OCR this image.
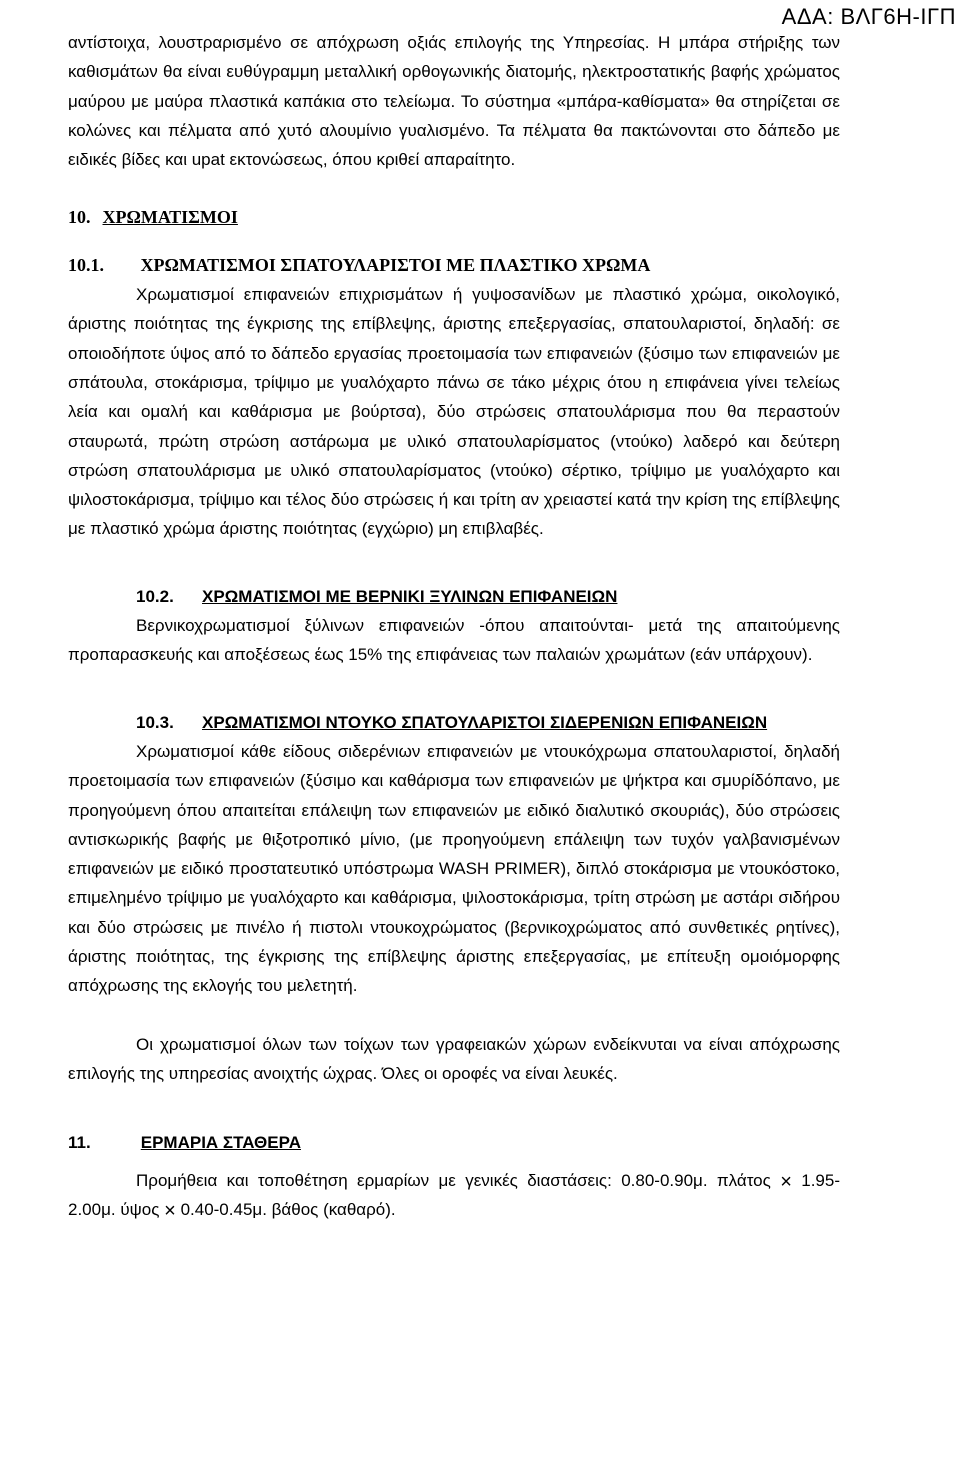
ΑΔΑ: ΒΛΓ6Η-ΙΓΠ

αντίστοιχα, λουστραρισμένο σε απόχρωση οξιάς επιλογής της Υπηρεσίας. Η μπάρα στήριξης των καθισμάτων θα είναι ευθύγραμμη μεταλλική ορθογωνικής διατομής, ηλεκτροστατικής βαφής χρώματος μαύρου με μαύρα πλαστικά καπάκια στο τελείωμα. Το σύστημα «μπάρα-καθίσματα» θα στηρίζεται σε κολώνες και πέλματα από χυτό αλουμίνιο γυαλισμένο. Τα πέλματα θα πακτώνονται στο δάπεδο με ειδικές βίδες και upat εκτονώσεως, όπου κριθεί απαραίτητο.

10. ΧΡΩΜΑΤΙΣΜΟΙ

10.1. ΧΡΩΜΑΤΙΣΜΟΙ ΣΠΑΤΟΥΛΑΡΙΣΤΟΙ ΜΕ ΠΛΑΣΤΙΚΟ ΧΡΩΜΑ

Χρωματισμοί επιφανειών επιχρισμάτων ή γυψοσανίδων με πλαστικό χρώμα, οικολογικό, άριστης ποιότητας της έγκρισης της επίβλεψης, άριστης επεξεργασίας, σπατουλαριστοί, δηλαδή: σε οποιοδήποτε ύψος από το δάπεδο εργασίας προετοιμασία των επιφανειών (ξύσιμο των επιφανειών με σπάτουλα, στοκάρισμα, τρίψιμο με γυαλόχαρτο πάνω σε τάκο μέχρις ότου η επιφάνεια γίνει τελείως λεία και ομαλή και καθάρισμα με βούρτσα), δύο στρώσεις σπατουλάρισμα που θα περαστούν σταυρωτά, πρώτη στρώση αστάρωμα με υλικό σπατουλαρίσματος (ντούκο) λαδερό και δεύτερη στρώση σπατουλάρισμα με υλικό σπατουλαρίσματος (ντούκο) σέρτικο, τρίψιμο με γυαλόχαρτο και ψιλοστοκάρισμα, τρίψιμο και τέλος δύο στρώσεις ή και τρίτη αν χρειαστεί κατά την κρίση της επίβλεψης με πλαστικό χρώμα άριστης ποιότητας (εγχώριο) μη επιβλαβές.

10.2. ΧΡΩΜΑΤΙΣΜΟΙ ΜΕ ΒΕΡΝΙΚΙ ΞΥΛΙΝΩΝ ΕΠΙΦΑΝΕΙΩΝ

Βερνικοχρωματισμοί ξύλινων επιφανειών -όπου απαιτούνται- μετά της απαιτούμενης προπαρασκευής και αποξέσεως έως 15% της επιφάνειας των παλαιών χρωμάτων (εάν υπάρχουν).

10.3. ΧΡΩΜΑΤΙΣΜΟΙ ΝΤΟΥΚΟ ΣΠΑΤΟΥΛΑΡΙΣΤΟΙ ΣΙΔΕΡΕΝΙΩΝ ΕΠΙΦΑΝΕΙΩΝ

Χρωματισμοί κάθε είδους σιδερένιων επιφανειών με ντουκόχρωμα σπατουλαριστοί, δηλαδή προετοιμασία των επιφανειών (ξύσιμο και καθάρισμα των επιφανειών με ψήκτρα και σμυρίδόπανο, με προηγούμενη όπου απαιτείται επάλειψη των επιφανειών με ειδικό διαλυτικό σκουριάς), δύο στρώσεις αντισκωρικής βαφής με θιξοτροπικό μίνιο, (με προηγούμενη επάλειψη των τυχόν γαλβανισμένων επιφανειών με ειδικό προστατευτικό υπόστρωμα WASH PRIMER), διπλό στοκάρισμα με ντουκόστοκο, επιμελημένο τρίψιμο με γυαλόχαρτο και καθάρισμα, ψιλοστοκάρισμα, τρίτη στρώση με αστάρι σιδήρου και δύο στρώσεις με πινέλο ή πιστολι ντουκοχρώματος (βερνικοχρώματος από συνθετικές ρητίνες), άριστης ποιότητας, της έγκρισης της επίβλεψης άριστης επεξεργασίας, με επίτευξη ομοιόμορφης απόχρωσης της εκλογής του μελετητή.

Οι χρωματισμοί όλων των τοίχων των γραφειακών χώρων ενδείκνυται να είναι απόχρωσης επιλογής της υπηρεσίας ανοιχτής ώχρας. Όλες οι οροφές να είναι λευκές.

11.	ΕΡΜΑΡΙΑ ΣΤΑΘΕΡΑ

Προμήθεια και τοποθέτηση ερμαρίων με γενικές διαστάσεις: 0.80-0.90μ. πλάτος × 1.95-2.00μ. ύψος × 0.40-0.45μ. βάθος (καθαρό).
